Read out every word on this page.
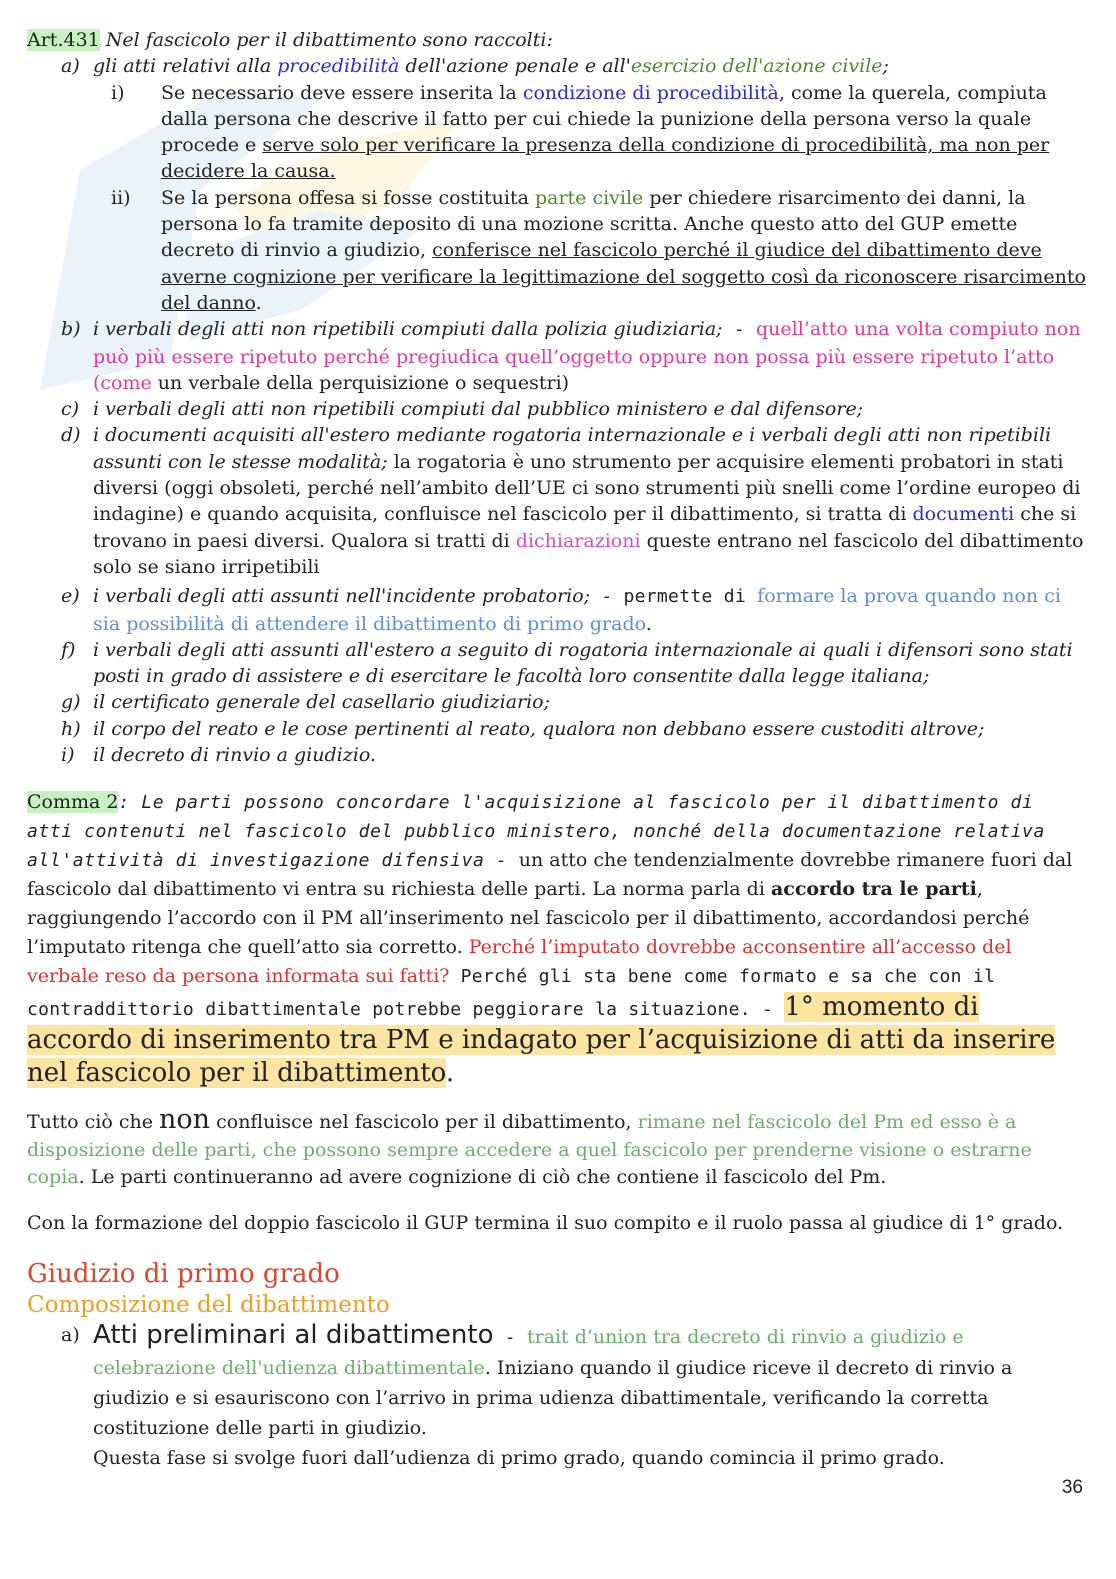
Art.431 Nel fascicolo per il dibattimento sono raccolti:

a) gli atti relativi alla procedibilità dell'azione penale e all'esercizio dell'azione civile;
i) Se necessario deve essere inserita la condizione di procedibilità, come la querela, compiuta dalla persona che descrive il fatto per cui chiede la punizione della persona verso la quale procede e serve solo per verificare la presenza della condizione di procedibilità, ma non per decidere la causa.
ii) Se la persona offesa si fosse costituita parte civile per chiedere risarcimento dei danni, la persona lo fa tramite deposito di una mozione scritta. Anche questo atto del GUP emette decreto di rinvio a giudizio, conferisce nel fascicolo perché il giudice del dibattimento deve averne cognizione per verificare la legittimazione del soggetto così da riconoscere risarcimento del danno.
b) i verbali degli atti non ripetibili compiuti dalla polizia giudiziaria; - quell’atto una volta compiuto non può più essere ripetuto perché pregiudica quell’oggetto oppure non possa più essere ripetuto l’atto (come un verbale della perquisizione o sequestri)
c) i verbali degli atti non ripetibili compiuti dal pubblico ministero e dal difensore;
d) i documenti acquisiti all'estero mediante rogatoria internazionale e i verbali degli atti non ripetibili assunti con le stesse modalità; la rogatoria è uno strumento per acquisire elementi probatori in stati diversi (oggi obsoleti, perché nell’ambito dell’UE ci sono strumenti più snelli come l’ordine europeo di indagine) e quando acquisita, confluisce nel fascicolo per il dibattimento, si tratta di documenti che si trovano in paesi diversi. Qualora si tratti di dichiarazioni queste entrano nel fascicolo del dibattimento solo se siano irripetibili
e) i verbali degli atti assunti nell'incidente probatorio; - permette di formare la prova quando non ci sia possibilità di attendere il dibattimento di primo grado.
f) i verbali degli atti assunti all'estero a seguito di rogatoria internazionale ai quali i difensori sono stati posti in grado di assistere e di esercitare le facoltà loro consentite dalla legge italiana;
g) il certificato generale del casellario giudiziario;
h) il corpo del reato e le cose pertinenti al reato, qualora non debbano essere custoditi altrove;
i) il decreto di rinvio a giudizio.

Comma 2: Le parti possono concordare l'acquisizione al fascicolo per il dibattimento di atti contenuti nel fascicolo del pubblico ministero, nonché della documentazione relativa all'attività di investigazione difensiva - un atto che tendenzialmente dovrebbe rimanere fuori dal fascicolo dal dibattimento vi entra su richiesta delle parti. La norma parla di accordo tra le parti, raggiungendo l’accordo con il PM all’inserimento nel fascicolo per il dibattimento, accordandosi perché l’imputato ritenga che quell’atto sia corretto. Perché l’imputato dovrebbe acconsentire all’accesso del verbale reso da persona informata sui fatti? Perché gli sta bene come formato e sa che con il contraddittorio dibattimentale potrebbe peggiorare la situazione. - 1° momento di accordo di inserimento tra PM e indagato per l’acquisizione di atti da inserire nel fascicolo per il dibattimento.

Tutto ciò che non confluisce nel fascicolo per il dibattimento, rimane nel fascicolo del Pm ed esso è a disposizione delle parti, che possono sempre accedere a quel fascicolo per prenderne visione o estrarne copia. Le parti continueranno ad avere cognizione di ciò che contiene il fascicolo del Pm.

Con la formazione del doppio fascicolo il GUP termina il suo compito e il ruolo passa al giudice di 1° grado.

Giudizio di primo grado
Composizione del dibattimento
a) Atti preliminari al dibattimento - trait d’union tra decreto di rinvio a giudizio e celebrazione dell'udienza dibattimentale. Iniziano quando il giudice riceve il decreto di rinvio a giudizio e si esauriscono con l’arrivo in prima udienza dibattimentale, verificando la corretta costituzione delle parti in giudizio.
Questa fase si svolge fuori dall’udienza di primo grado, quando comincia il primo grado.
36
